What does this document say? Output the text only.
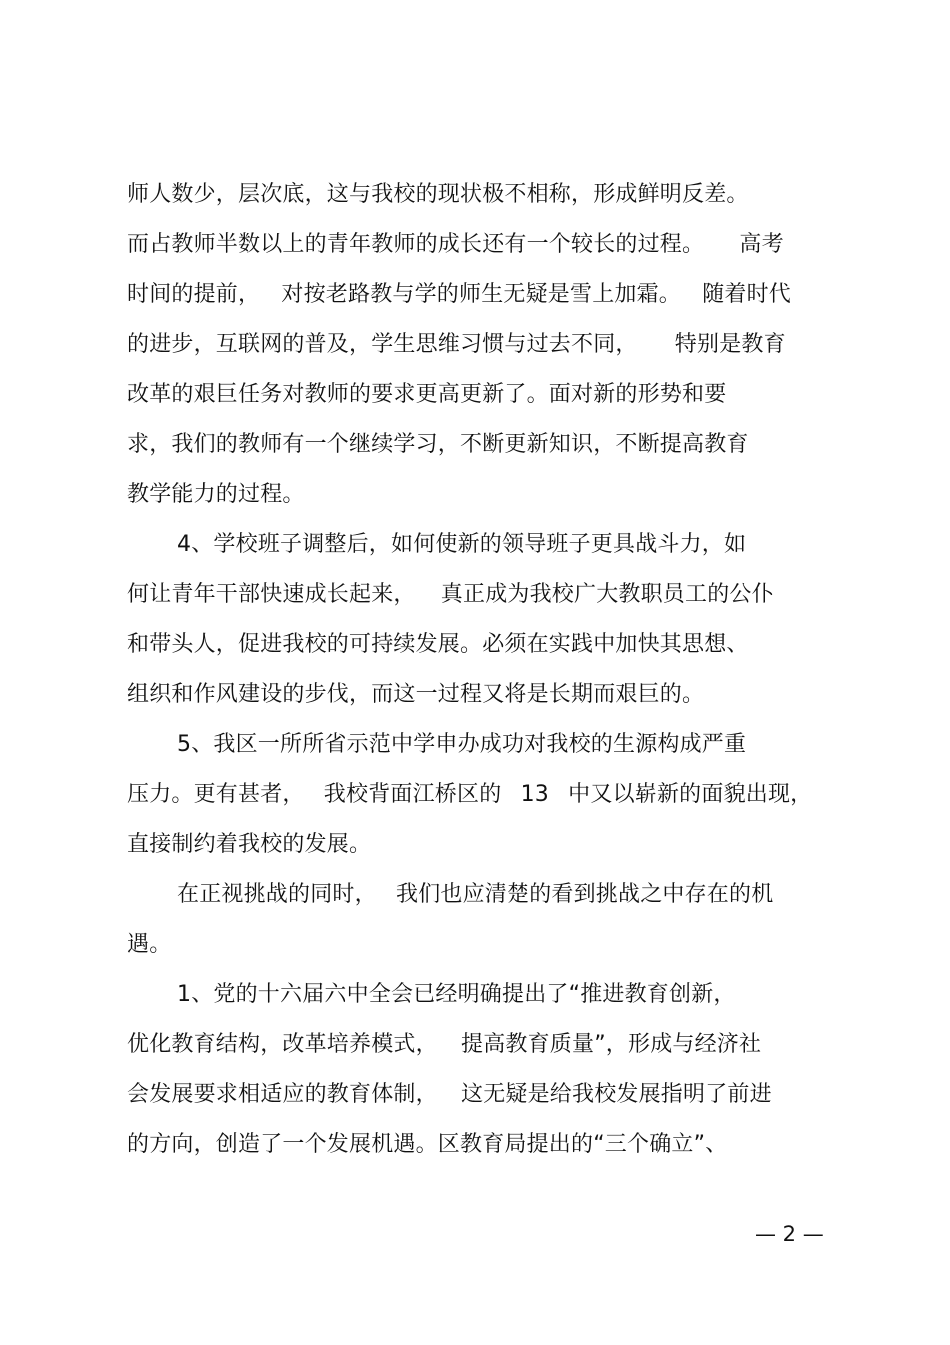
师人数少，层次底，这与我校的现状极不相称，形成鲜明反差。
而占教师半数以上的青年教师的成长还有一个较长的过程。 高考
时间的提前， 对按老路教与学的师生无疑是雪上加霜。 随着时代
的进步，互联网的普及，学生思维习惯与过去不同， 特别是教育
改革的艰巨任务对教师的要求更高更新了。面对新的形势和要
求，我们的教师有一个继续学习，不断更新知识，不断提高教育
教学能力的过程。
4、学校班子调整后，如何使新的领导班子更具战斗力，如
何让青年干部快速成长起来， 真正成为我校广大教职员工的公仆
和带头人，促进我校的可持续发展。必须在实践中加快其思想、
组织和作风建设的步伐，而这一过程又将是长期而艰巨的。
5、我区一所所省示范中学申办成功对我校的生源构成严重
压力。更有甚者， 我校背面江桥区的 13 中又以崭新的面貌出现，
直接制约着我校的发展。
在正视挑战的同时， 我们也应清楚的看到挑战之中存在的机
遇。
1、党的十六届六中全会已经明确提出了“推进教育创新，
优化教育结构，改革培养模式， 提高教育质量”，形成与经济社
会发展要求相适应的教育体制， 这无疑是给我校发展指明了前进
的方向，创造了一个发展机遇。区教育局提出的“三个确立”、
— 2 —
